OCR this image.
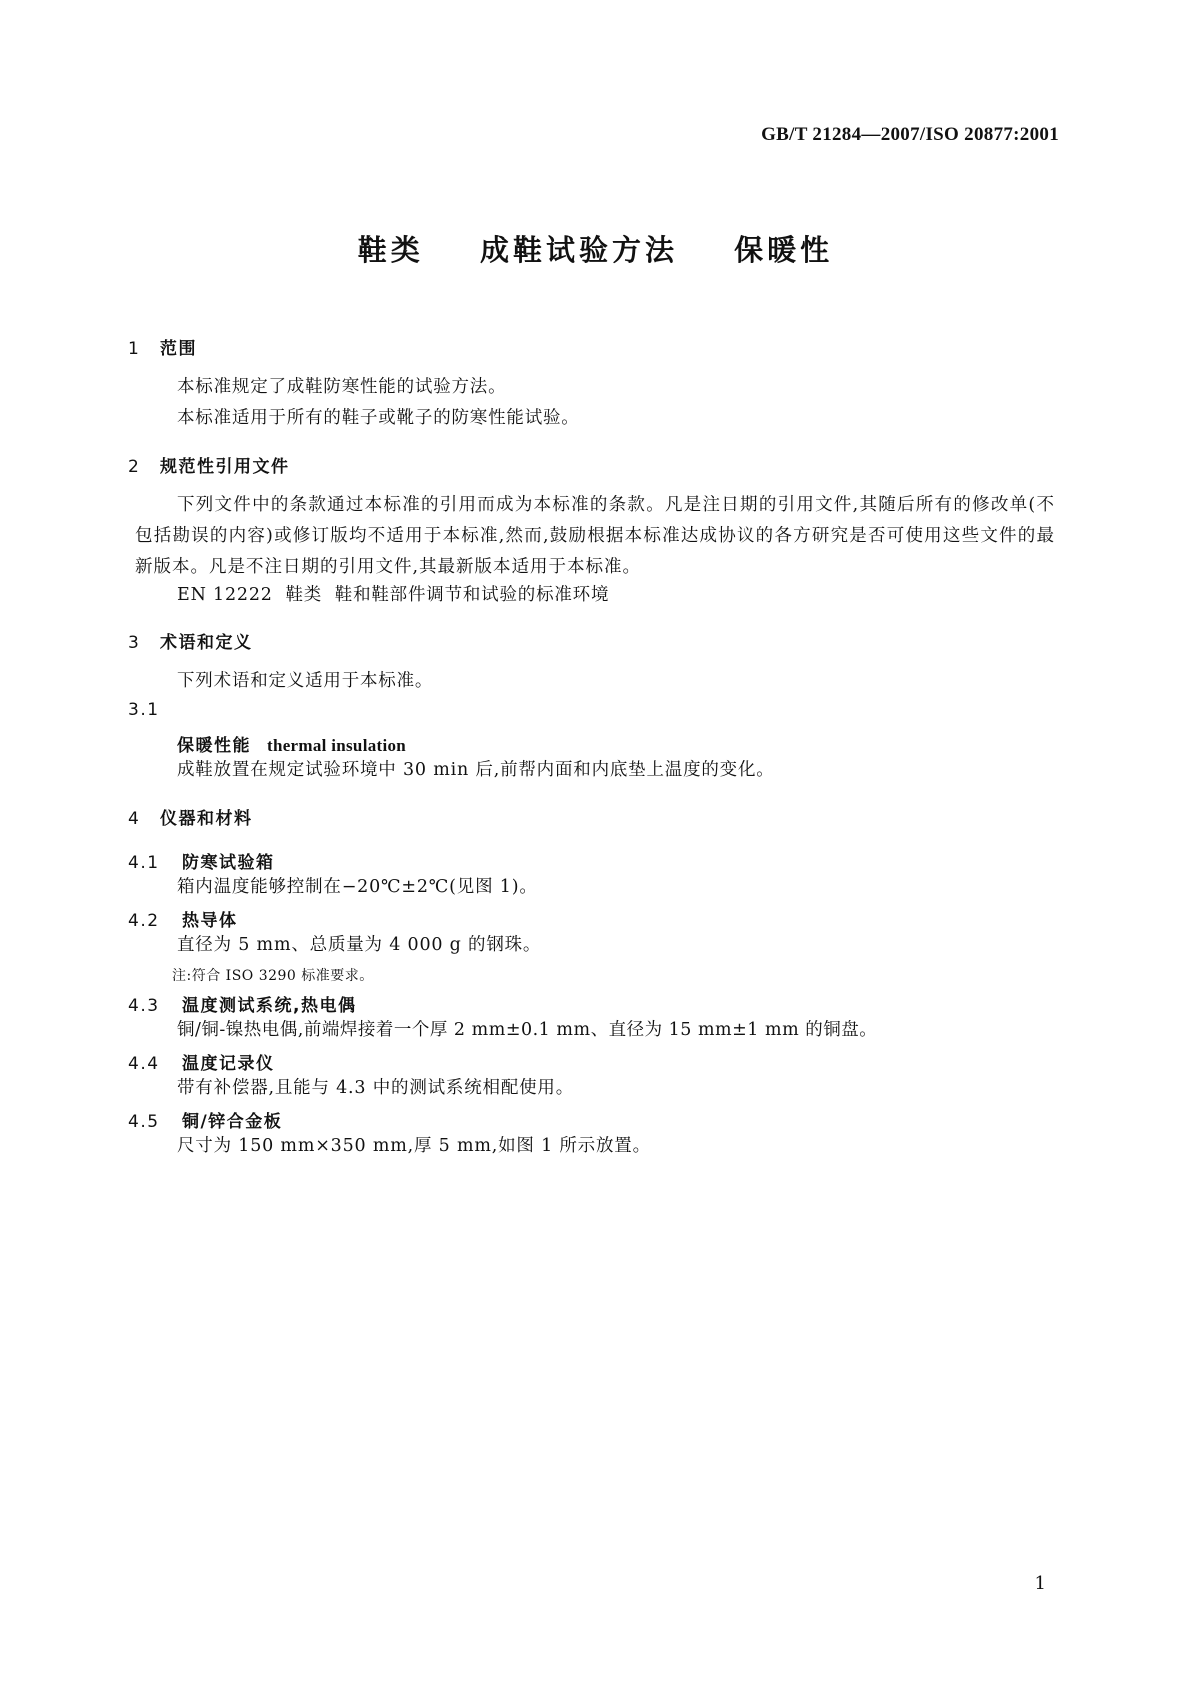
GB/T 21284—2007/ISO 20877:2001
鞋类  成鞋试验方法  保暖性
1 范围
本标准规定了成鞋防寒性能的试验方法。
本标准适用于所有的鞋子或靴子的防寒性能试验。
2 规范性引用文件
下列文件中的条款通过本标准的引用而成为本标准的条款。凡是注日期的引用文件,其随后所有的修改单(不包括勘误的内容)或修订版均不适用于本标准,然而,鼓励根据本标准达成协议的各方研究是否可使用这些文件的最新版本。凡是不注日期的引用文件,其最新版本适用于本标准。
EN 12222  鞋类  鞋和鞋部件调节和试验的标准环境
3 术语和定义
下列术语和定义适用于本标准。
3.1
保暖性能 thermal insulation
成鞋放置在规定试验环境中 30 min 后,前帮内面和内底垫上温度的变化。
4 仪器和材料
4.1 防寒试验箱
箱内温度能够控制在−20℃±2℃(见图 1)。
4.2 热导体
直径为 5 mm、总质量为 4 000 g 的钢珠。
注:符合 ISO 3290 标准要求。
4.3 温度测试系统,热电偶
铜/铜-镍热电偶,前端焊接着一个厚 2 mm±0.1 mm、直径为 15 mm±1 mm 的铜盘。
4.4 温度记录仪
带有补偿器,且能与 4.3 中的测试系统相配使用。
4.5 铜/锌合金板
尺寸为 150 mm×350 mm,厚 5 mm,如图 1 所示放置。
1
